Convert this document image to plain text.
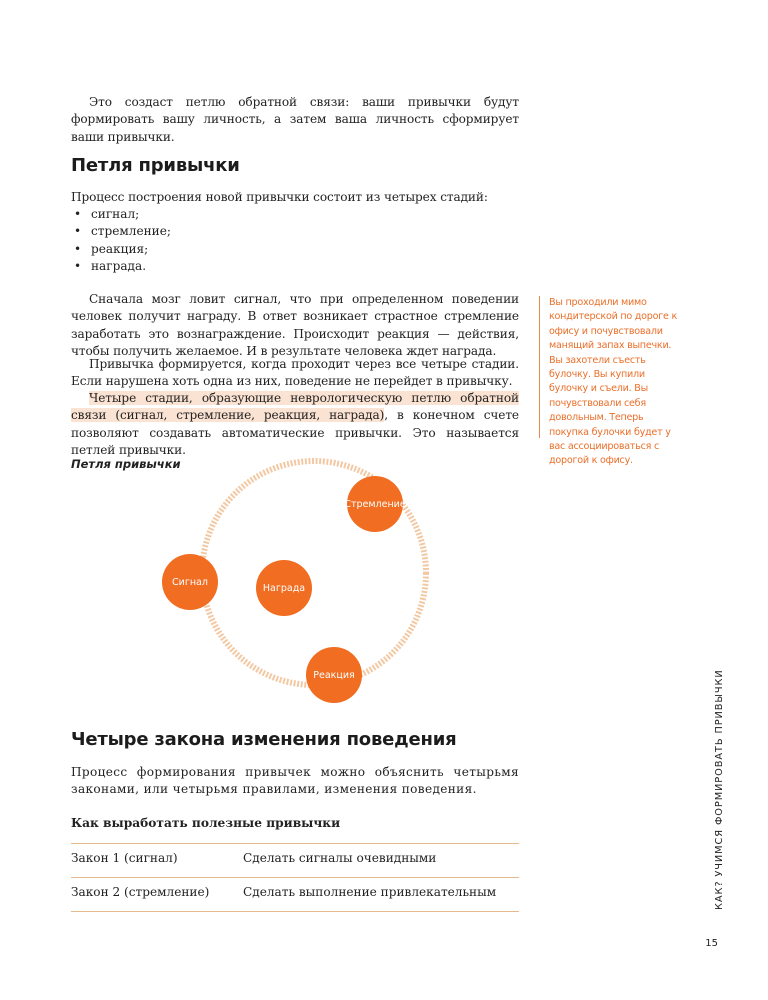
Это создаст петлю обратной связи: ваши привычки будут формировать вашу личность, а затем ваша личность сформирует ваши привычки.

Петля привычки

Процесс построения новой привычки состоит из четырех стадий:

• сигнал;
• стремление;
• реакция;
• награда.

Сначала мозг ловит сигнал, что при определенном поведении человек получит награду. В ответ возникает страстное стремление заработать это вознаграждение. Происходит реакция — действия, чтобы получить желаемое. И в результате человека ждет награда.

Привычка формируется, когда проходит через все четыре стадии. Если нарушена хоть одна из них, поведение не перейдет в привычку.

Четыре стадии, образующие неврологическую петлю обратной связи (сигнал, стремление, реакция, награда), в конечном счете позволяют создавать автоматические привычки. Это называется петлей привычки.

Вы проходили мимо кондитерской по дороге к офису и почувствовали манящий запах выпечки. Вы захотели съесть булочку. Вы купили булочку и съели. Вы почувствовали себя довольным. Теперь покупка булочки будет у вас ассоциироваться с дорогой к офису.

Петля привычки

Стремление
Сигнал
Награда
Реакция
Четыре закона изменения поведения

Процесс формирования привычек можно объяснить четырьмя законами, или четырьмя правилами, изменения поведения.

Как выработать полезные привычки

Закон 1 (сигнал)	Сделать сигналы очевидными
Закон 2 (стремление)	Сделать выполнение привлекательным	КАК? УЧИМСЯ ФОРМИРОВАТЬ ПРИВЫЧКИ
15
